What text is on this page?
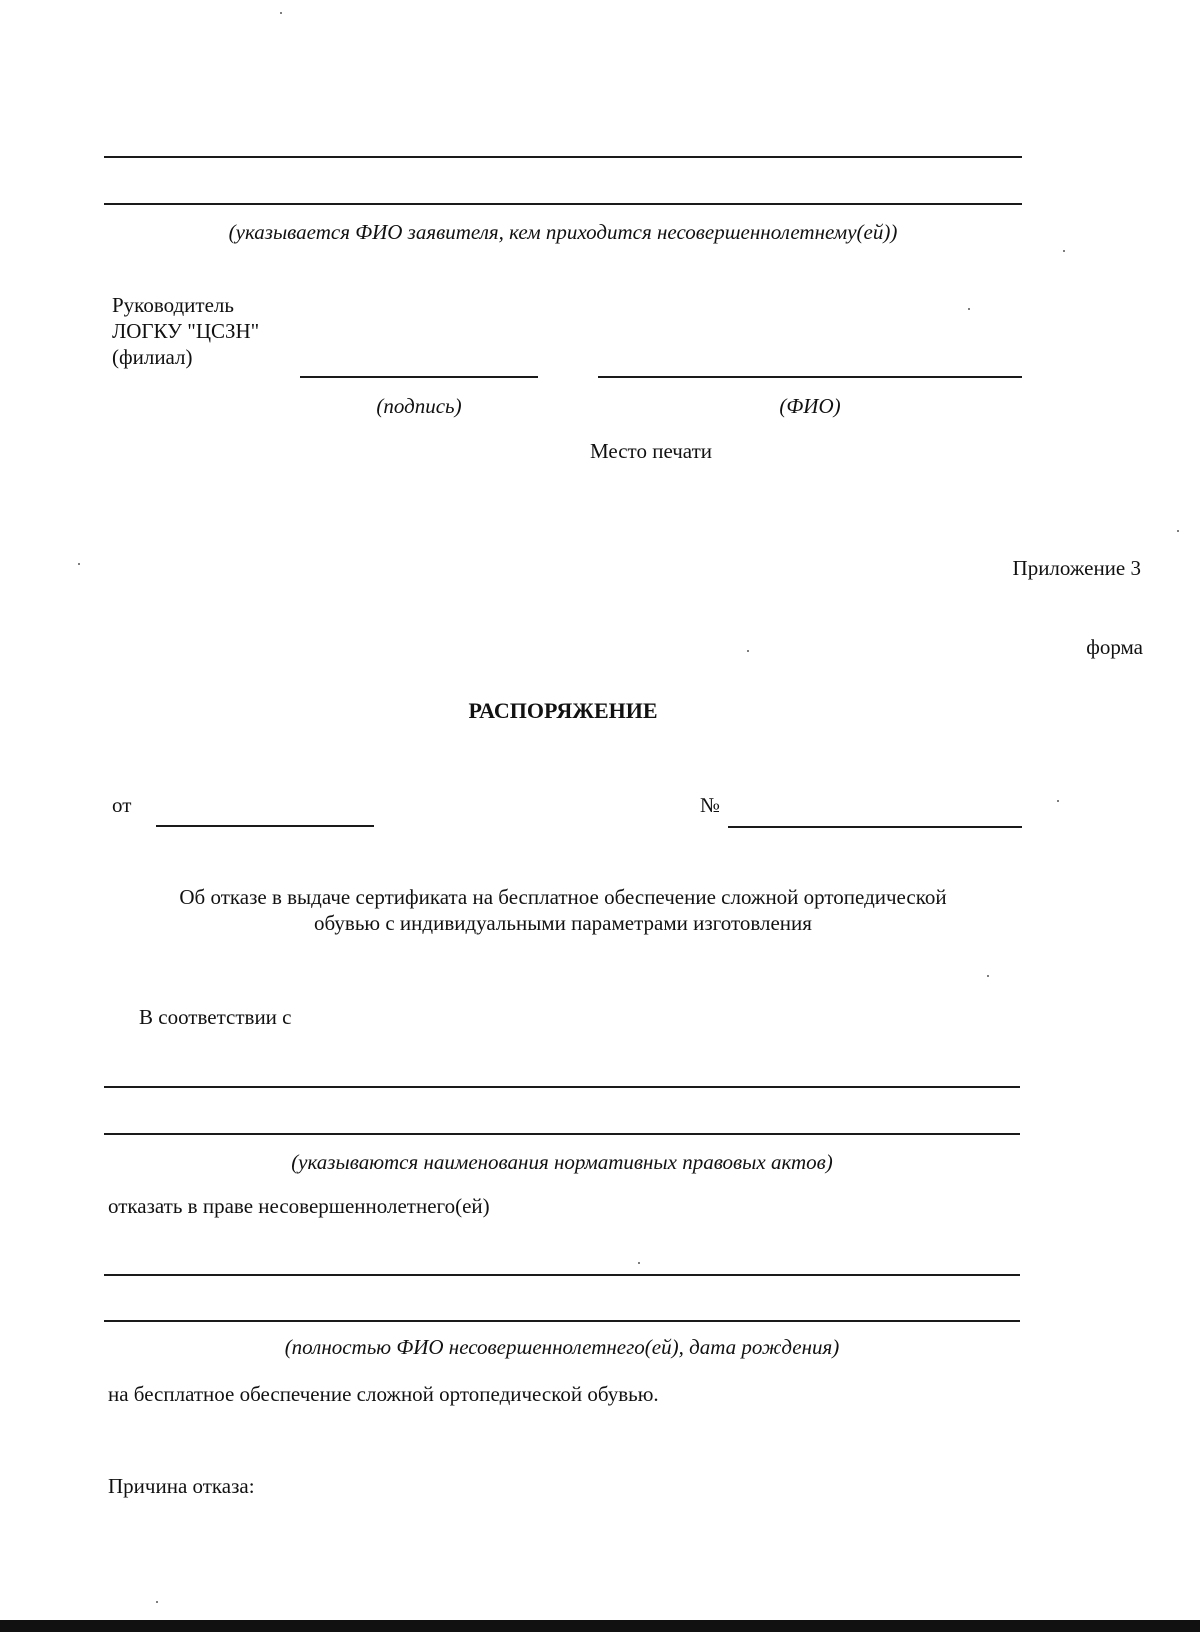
(указывается ФИО заявителя, кем приходится несовершеннолетнему(ей))
Руководитель
ЛОГКУ "ЦСЗН"
(филиал)
(подпись)	(ФИО)
Место печати
Приложение 3
форма
РАСПОРЯЖЕНИЕ
от	№
Об отказе в выдаче сертификата на бесплатное обеспечение сложной ортопедической
обувью с индивидуальными параметрами изготовления
В соответствии с
(указываются наименования нормативных правовых актов)
отказать в праве несовершеннолетнего(ей)
(полностью ФИО несовершеннолетнего(ей), дата рождения)
на бесплатное обеспечение сложной ортопедической обувью.
Причина отказа:
